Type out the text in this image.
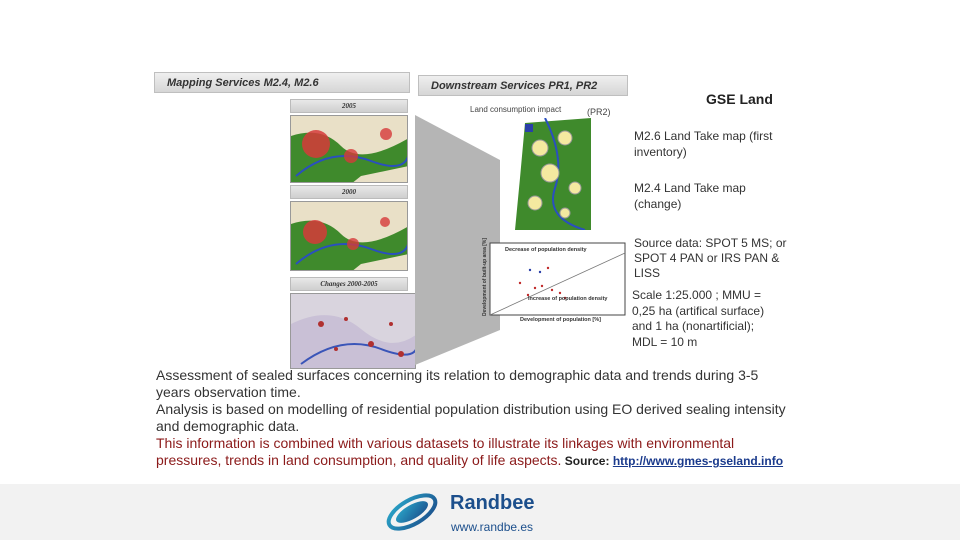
Mapping Services M2.4, M2.6
2005
2000
Changes 2000-2005
Downstream Services PR1, PR2
Land consumption impact	(PR2)
Decrease of population density
Increase of population density
Development of population [%]
Development of built-up area [%]
GSE Land
M2.6 Land Take map (first inventory)
M2.4 Land Take map (change)
Source data: SPOT 5 MS; or SPOT 4 PAN or IRS PAN & LISS
Scale 1:25.000 ; MMU = 0,25 ha (artifical surface) and 1 ha (nonartificial); MDL = 10 m
Assessment of sealed surfaces concerning its relation to demographic data and trends during 3-5 years observation time.
Analysis is based on modelling of residential population distribution using EO derived sealing intensity and demographic data.
This information is combined with various datasets to illustrate its linkages with environmental pressures, trends in land consumption, and quality of life aspects. Source: http://www.gmes-gseland.info
Randbee
www.randbe.es
